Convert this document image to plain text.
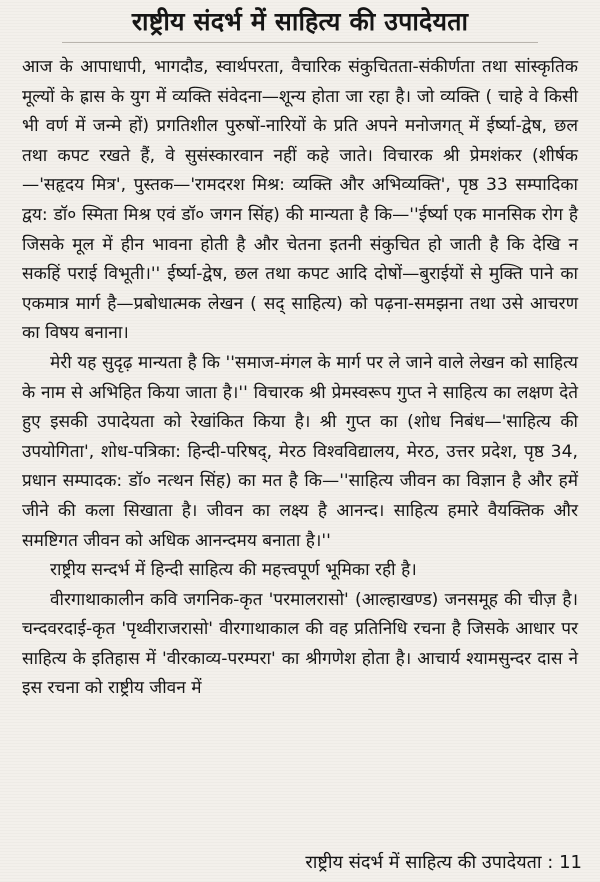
राष्ट्रीय संदर्भ में साहित्य की उपादेयता

आज के आपाधापी, भागदौड, स्वार्थपरता, वैचारिक संकुचितता-संकीर्णता तथा सांस्कृतिक मूल्यों के ह्रास के युग में व्यक्ति संवेदना—शून्य होता जा रहा है। जो व्यक्ति ( चाहे वे किसी भी वर्ण में जन्मे हों) प्रगतिशील पुरुषों-नारियों के प्रति अपने मनोजगत् में ईर्ष्या-द्वेष, छल तथा कपट रखते हैं, वे सुसंस्कारवान नहीं कहे जाते। विचारक श्री प्रेमशंकर (शीर्षक—'सहृदय मित्र', पुस्तक—'रामदरश मिश्र: व्यक्ति और अभिव्यक्ति', पृष्ठ 33 सम्पादिका द्वय: डॉ० स्मिता मिश्र एवं डॉ० जगन सिंह) की मान्यता है कि—''ईर्ष्या एक मानसिक रोग है जिसके मूल में हीन भावना होती है और चेतना इतनी संकुचित हो जाती है कि देखि न सकहिं पराई विभूती।'' ईर्ष्या-द्वेष, छल तथा कपट आदि दोषों—बुराईयों से मुक्ति पाने का एकमात्र मार्ग है—प्रबोधात्मक लेखन ( सद् साहित्य) को पढ़ना-समझना तथा उसे आचरण का विषय बनाना।

मेरी यह सुदृढ़ मान्यता है कि ''समाज-मंगल के मार्ग पर ले जाने वाले लेखन को साहित्य के नाम से अभिहित किया जाता है।'' विचारक श्री प्रेमस्वरूप गुप्त ने साहित्य का लक्षण देते हुए इसकी उपादेयता को रेखांकित किया है। श्री गुप्त का (शोध निबंध—'साहित्य की उपयोगिता', शोध-पत्रिका: हिन्दी-परिषद्, मेरठ विश्वविद्यालय, मेरठ, उत्तर प्रदेश, पृष्ठ 34, प्रधान सम्पादक: डॉ० नत्थन सिंह) का मत है कि—''साहित्य जीवन का विज्ञान है और हमें जीने की कला सिखाता है। जीवन का लक्ष्य है आनन्द। साहित्य हमारे वैयक्तिक और समष्टिगत जीवन को अधिक आनन्दमय बनाता है।''

राष्ट्रीय सन्दर्भ में हिन्दी साहित्य की महत्त्वपूर्ण भूमिका रही है।

वीरगाथाकालीन कवि जगनिक-कृत 'परमालरासो' (आल्हाखण्ड) जनसमूह की चीज़ है। चन्दवरदाई-कृत 'पृथ्वीराजरासो' वीरगाथाकाल की वह प्रतिनिधि रचना है जिसके आधार पर साहित्य के इतिहास में 'वीरकाव्य-परम्परा' का श्रीगणेश होता है। आचार्य श्यामसुन्दर दास ने इस रचना को राष्ट्रीय जीवन में

राष्ट्रीय संदर्भ में साहित्य की उपादेयता : 11
